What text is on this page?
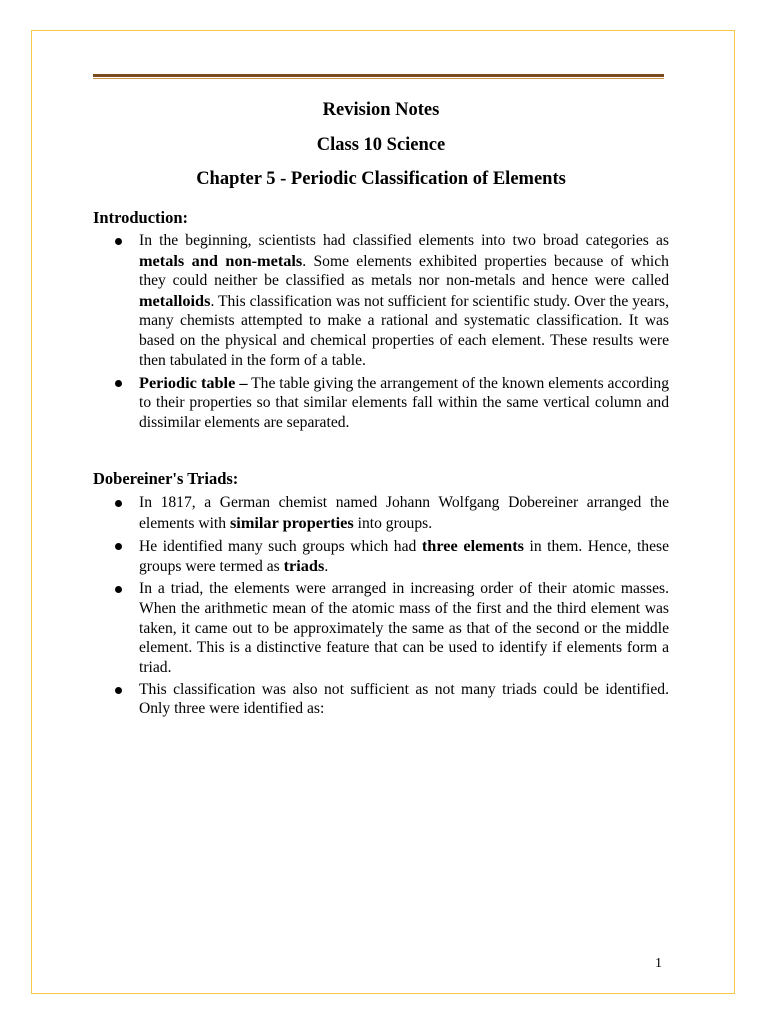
Revision Notes
Class 10 Science
Chapter 5 - Periodic Classification of Elements
Introduction:
In the beginning, scientists had classified elements into two broad categories as metals and non-metals. Some elements exhibited properties because of which they could neither be classified as metals nor non-metals and hence were called metalloids. This classification was not sufficient for scientific study. Over the years, many chemists attempted to make a rational and systematic classification. It was based on the physical and chemical properties of each element. These results were then tabulated in the form of a table.
Periodic table – The table giving the arrangement of the known elements according to their properties so that similar elements fall within the same vertical column and dissimilar elements are separated.
Dobereiner's Triads:
In 1817, a German chemist named Johann Wolfgang Dobereiner arranged the elements with similar properties into groups.
He identified many such groups which had three elements in them. Hence, these groups were termed as triads.
In a triad, the elements were arranged in increasing order of their atomic masses. When the arithmetic mean of the atomic mass of the first and the third element was taken, it came out to be approximately the same as that of the second or the middle element. This is a distinctive feature that can be used to identify if elements form a triad.
This classification was also not sufficient as not many triads could be identified. Only three were identified as:
1
